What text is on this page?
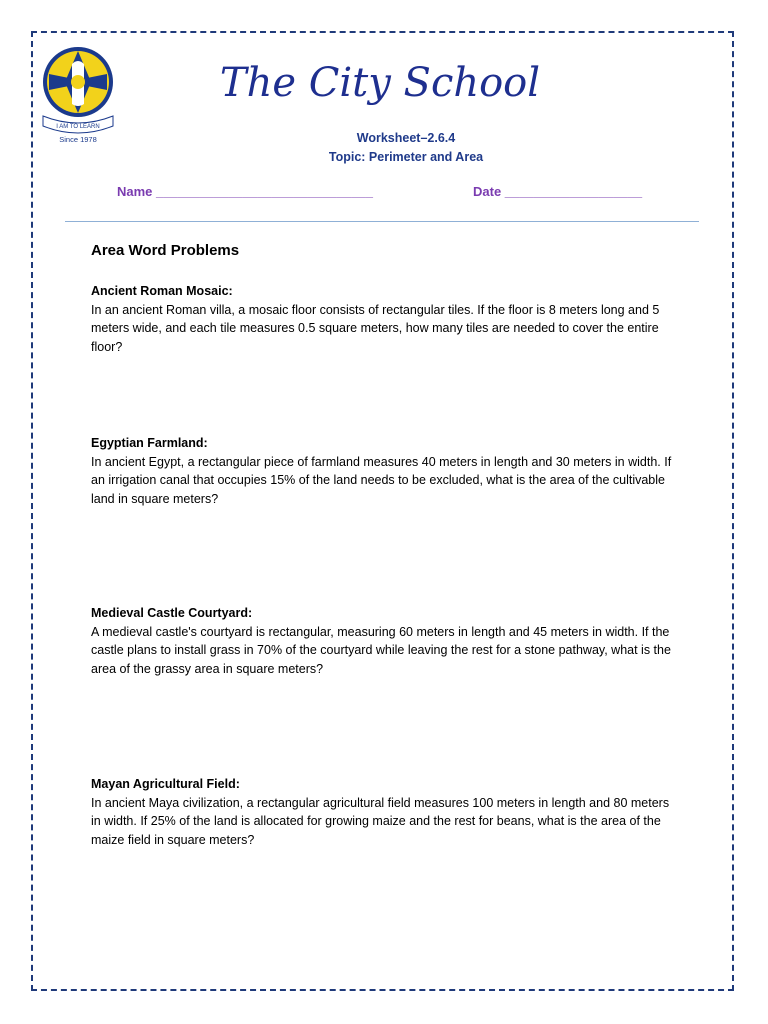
I AM TO LEARN
Since 1978
The City School
Worksheet–2.6.4
Topic: Perimeter and Area
Name ______________________________	Date ___________________
Area Word Problems
Ancient Roman Mosaic:
In an ancient Roman villa, a mosaic floor consists of rectangular tiles. If the floor is 8 meters long and 5 meters wide, and each tile measures 0.5 square meters, how many tiles are needed to cover the entire floor?
Egyptian Farmland:
In ancient Egypt, a rectangular piece of farmland measures 40 meters in length and 30 meters in width. If an irrigation canal that occupies 15% of the land needs to be excluded, what is the area of the cultivable land in square meters?
Medieval Castle Courtyard:
A medieval castle's courtyard is rectangular, measuring 60 meters in length and 45 meters in width. If the castle plans to install grass in 70% of the courtyard while leaving the rest for a stone pathway, what is the area of the grassy area in square meters?
Mayan Agricultural Field:
In ancient Maya civilization, a rectangular agricultural field measures 100 meters in length and 80 meters in width. If 25% of the land is allocated for growing maize and the rest for beans, what is the area of the maize field in square meters?
